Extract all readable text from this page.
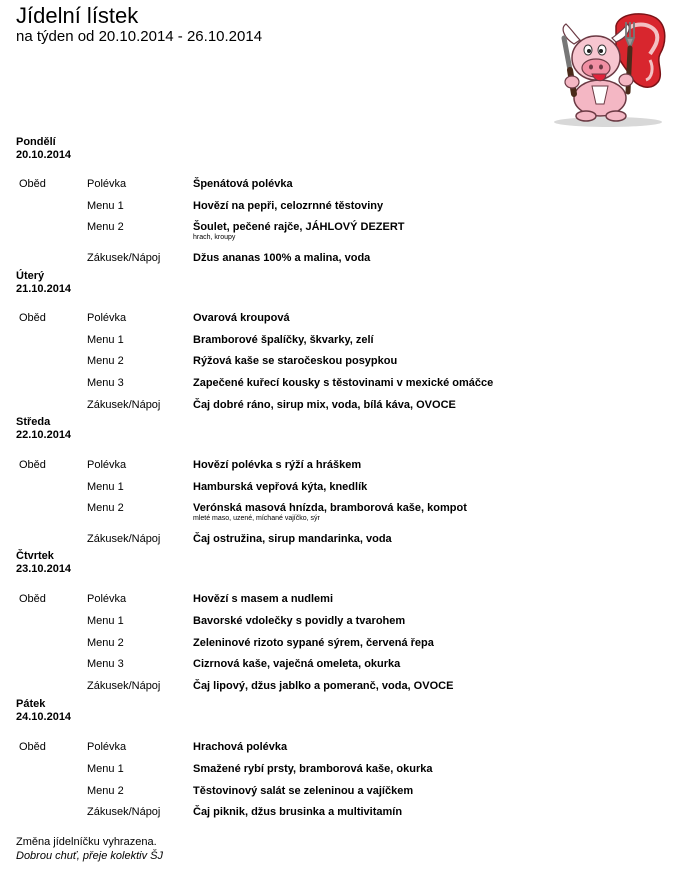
Jídelní lístek
na týden od 20.10.2014 - 26.10.2014
Pondělí
20.10.2014
Oběd	Polévka	Špenátová polévka
Menu 1	Hovězí na pepři, celozrnné těstoviny
Menu 2	Šoulet, pečené rajče, JÁHLOVÝ DEZERT
hrach, kroupy
Zákusek/Nápoj	Džus ananas 100% a malina, voda
Úterý
21.10.2014
Oběd	Polévka	Ovarová kroupová
Menu 1	Bramborové špalíčky, škvarky, zelí
Menu 2	Rýžová kaše se staročeskou posypkou
Menu 3	Zapečené kuřecí kousky s těstovinami v mexické omáčce
Zákusek/Nápoj	Čaj dobré ráno, sirup mix, voda, bílá káva, OVOCE
Středa
22.10.2014
Oběd	Polévka	Hovězí polévka s rýží a hráškem
Menu 1	Hamburská vepřová kýta, knedlík
Menu 2	Verónská masová hnízda, bramborová kaše, kompot
mleté maso, uzené, míchané vajíčko, sýr
Zákusek/Nápoj	Čaj ostružina, sirup mandarinka, voda
Čtvrtek
23.10.2014
Oběd	Polévka	Hovězí s masem a nudlemi
Menu 1	Bavorské vdolečky s povidly a tvarohem
Menu 2	Zeleninové rizoto sypané sýrem, červená řepa
Menu 3	Cizrnová kaše, vaječná omeleta, okurka
Zákusek/Nápoj	Čaj lipový, džus jablko a pomeranč, voda, OVOCE
Pátek
24.10.2014
Oběd	Polévka	Hrachová polévka
Menu 1	Smažené rybí prsty, bramborová kaše, okurka
Menu 2	Těstovinový salát se zeleninou a vajíčkem
Zákusek/Nápoj	Čaj piknik, džus brusinka a multivitamín
Změna jídelníčku vyhrazena.
Dobrou chuť, přeje kolektiv ŠJ
